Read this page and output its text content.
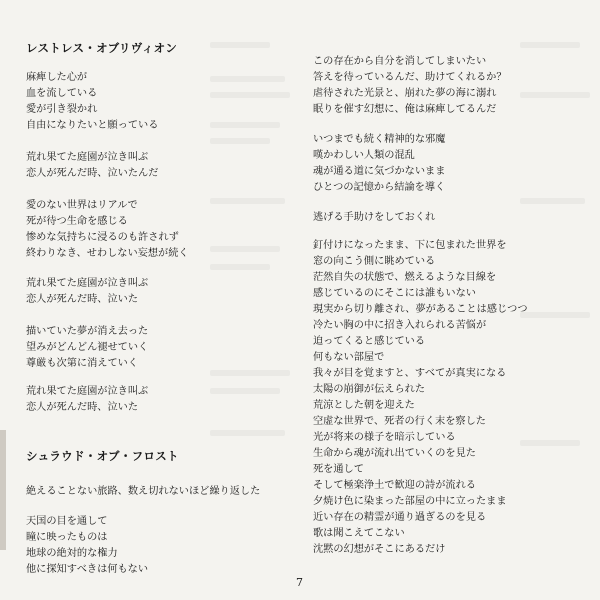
レストレス・オブリヴィオン
麻痺した心が
血を流している
愛が引き裂かれ
自由になりたいと願っている
荒れ果てた庭園が泣き叫ぶ
恋人が死んだ時、泣いたんだ
愛のない世界はリアルで
死が待つ生命を感じる
惨めな気持ちに浸るのも許されず
終わりなき、せわしない妄想が続く
荒れ果てた庭園が泣き叫ぶ
恋人が死んだ時、泣いた
描いていた夢が消え去った
望みがどんどん褪せていく
尊厳も次第に消えていく
荒れ果てた庭園が泣き叫ぶ
恋人が死んだ時、泣いた
シュラウド・オブ・フロスト
絶えることない旅路、数え切れないほど繰り返した
天国の目を通して
瞳に映ったものは
地球の絶対的な権力
他に探知すべきは何もない
この存在から自分を消してしまいたい
答えを待っているんだ、助けてくれるか？
虐待された光景と、崩れた夢の海に溺れ
眠りを催す幻想に、俺は麻痺してるんだ
いつまでも続く精神的な邪魔
嘆かわしい人類の混乱
魂が通る道に気づかないまま
ひとつの記憶から結論を導く
逃げる手助けをしておくれ
釘付けになったまま、下に包まれた世界を
窓の向こう側に眺めている
茫然自失の状態で、燃えるような目線を
感じているのにそこには誰もいない
現実から切り離され、夢があることは感じつつ
冷たい胸の中に招き入れられる苦悩が
迫ってくると感じている
何もない部屋で
我々が目を覚ますと、すべてが真実になる
太陽の崩御が伝えられた
荒涼とした朝を迎えた
空虚な世界で、死者の行く末を察した
光が将来の様子を暗示している
生命から魂が流れ出ていくのを見た
死を通して
そして極楽浄土で歓迎の詩が流れる
夕焼け色に染まった部屋の中に立ったまま
近い存在の精霊が通り過ぎるのを見る
歌は聞こえてこない
沈黙の幻想がそこにあるだけ
7
